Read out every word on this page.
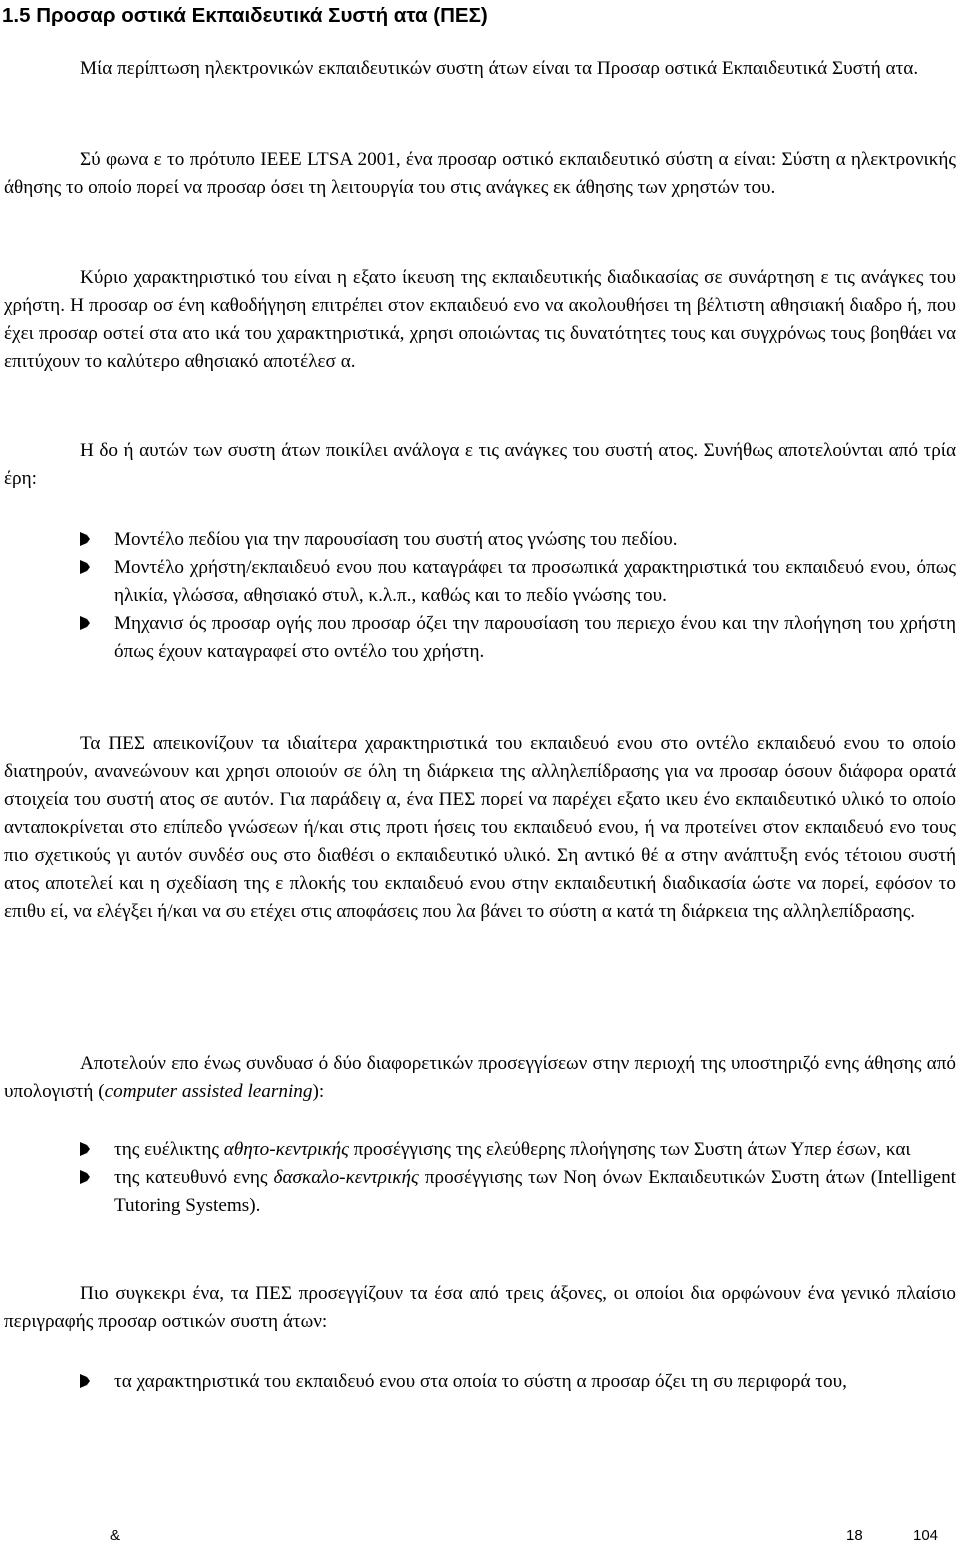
1.5 Προσαρ οστικά Εκπαιδευτικά Συστή ατα (ΠΕΣ)

Μία περίπτωση ηλεκτρονικών εκπαιδευτικών συστη άτων είναι τα Προσαρ οστικά Εκπαιδευτικά Συστή ατα.

Σύ φωνα ε το πρότυπο IEEE LTSA 2001, ένα προσαρ οστικό εκπαιδευτικό σύστη α είναι: Σύστη α ηλεκτρονικής άθησης το οποίο πορεί να προσαρ όσει τη λειτουργία του στις ανάγκες εκ άθησης των χρηστών του.

Κύριο χαρακτηριστικό του είναι η εξατο ίκευση της εκπαιδευτικής διαδικασίας σε συνάρτηση ε τις ανάγκες του χρήστη. Η προσαρ οσ ένη καθοδήγηση επιτρέπει στον εκπαιδευό ενο να ακολουθήσει τη βέλτιστη αθησιακή διαδρο ή, που έχει προσαρ οστεί στα ατο ικά του χαρακτηριστικά, χρησι οποιώντας τις δυνατότητες τους και συγχρόνως τους βοηθάει να επιτύχουν το καλύτερο αθησιακό αποτέλεσ α.

Η δο ή αυτών των συστη άτων ποικίλει ανάλογα ε τις ανάγκες του συστή ατος. Συνήθως αποτελούνται από τρία έρη:

Μοντέλο πεδίου για την παρουσίαση του συστή ατος γνώσης του πεδίου.
Μοντέλο χρήστη/εκπαιδευό ενου που καταγράφει τα προσωπικά χαρακτηριστικά του εκπαιδευό ενου, όπως ηλικία, γλώσσα, αθησιακό στυλ, κ.λ.π., καθώς και το πεδίο γνώσης του.
Μηχανισ ός προσαρ ογής που προσαρ όζει την παρουσίαση του περιεχο ένου και την πλοήγηση του χρήστη όπως έχουν καταγραφεί στο οντέλο του χρήστη.

Τα ΠΕΣ απεικονίζουν τα ιδιαίτερα χαρακτηριστικά του εκπαιδευό ενου στο οντέλο εκπαιδευό ενου το οποίο διατηρούν, ανανεώνουν και χρησι οποιούν σε όλη τη διάρκεια της αλληλεπίδρασης για να προσαρ όσουν διάφορα ορατά στοιχεία του συστή ατος σε αυτόν. Για παράδειγ α, ένα ΠΕΣ πορεί να παρέχει εξατο ικευ ένο εκπαιδευτικό υλικό το οποίο ανταποκρίνεται στο επίπεδο γνώσεων ή/και στις προτι ήσεις του εκπαιδευό ενου, ή να προτείνει στον εκπαιδευό ενο τους πιο σχετικούς γι αυτόν συνδέσ ους στο διαθέσι ο εκπαιδευτικό υλικό. Ση αντικό θέ α στην ανάπτυξη ενός τέτοιου συστή ατος αποτελεί και η σχεδίαση της ε πλοκής του εκπαιδευό ενου στην εκπαιδευτική διαδικασία ώστε να πορεί, εφόσον το επιθυ εί, να ελέγξει ή/και να συ ετέχει στις αποφάσεις που λα βάνει το σύστη α κατά τη διάρκεια της αλληλεπίδρασης.

Αποτελούν επο ένως συνδυασ ό δύο διαφορετικών προσεγγίσεων στην περιοχή της υποστηριζό ενης άθησης από υπολογιστή (computer assisted learning):

της ευέλικτης αθητο-κεντρικής προσέγγισης της ελεύθερης πλοήγησης των Συστη άτων Υπερ έσων, και
της κατευθυνό ενης δασκαλο-κεντρικής προσέγγισης των Νοη όνων Εκπαιδευτικών Συστη άτων (Intelligent Tutoring Systems).

Πιο συγκεκρι ένα, τα ΠΕΣ προσεγγίζουν τα έσα από τρεις άξονες, οι οποίοι δια ορφώνουν ένα γενικό πλαίσιο περιγραφής προσαρ οστικών συστη άτων:

τα χαρακτηριστικά του εκπαιδευό ενου στα οποία το σύστη α προσαρ όζει τη συ περιφορά του,
&	18	104
